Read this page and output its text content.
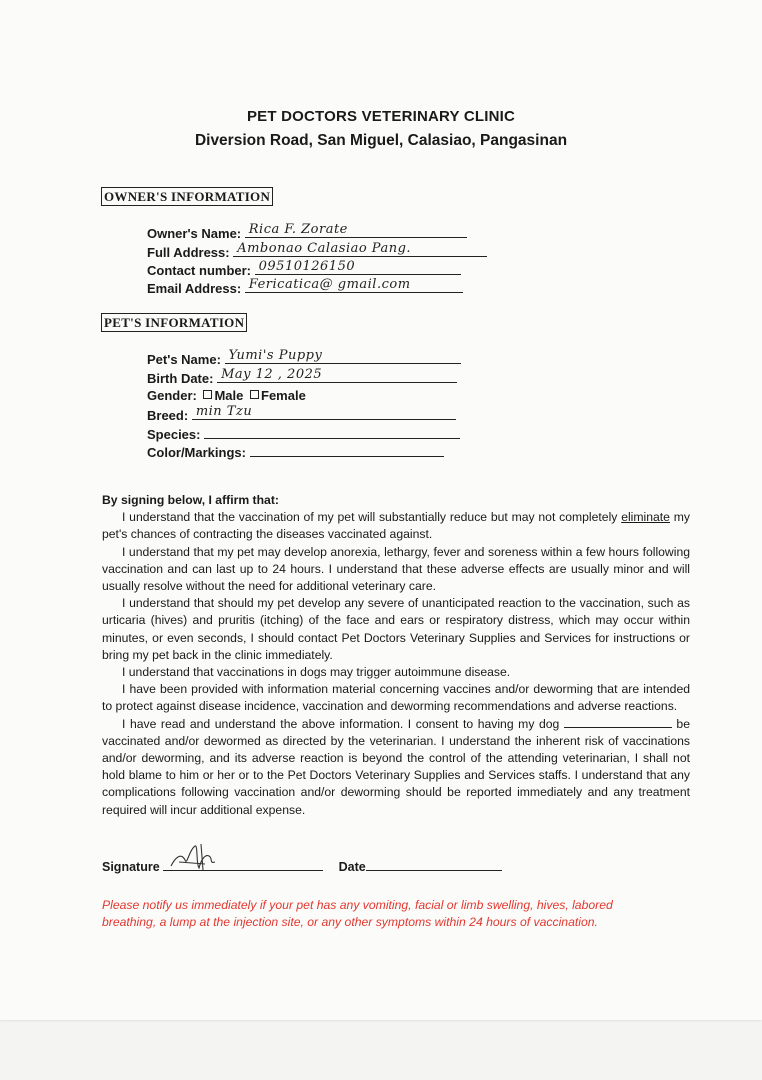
PET DOCTORS VETERINARY CLINIC
Diversion Road, San Miguel, Calasiao, Pangasinan
OWNER'S INFORMATION
Owner's Name: Rica F. Zorate
Full Address: Ambonao Calasiao Pang.
Contact number: 09510126150
Email Address: Fericatica@ gmail.com
PET'S INFORMATION
Pet's Name: Yumi's Puppy
Birth Date: May 12 , 2025
Gender: Male Female
Breed: min Tzu
Species:
Color/Markings:

By signing below, I affirm that:

I understand that the vaccination of my pet will substantially reduce but may not completely eliminate my pet's chances of contracting the diseases vaccinated against.

I understand that my pet may develop anorexia, lethargy, fever and soreness within a few hours following vaccination and can last up to 24 hours. I understand that these adverse effects are usually minor and will usually resolve without the need for additional veterinary care.

I understand that should my pet develop any severe of unanticipated reaction to the vaccination, such as urticaria (hives) and pruritis (itching) of the face and ears or respiratory distress, which may occur within minutes, or even seconds, I should contact Pet Doctors Veterinary Supplies and Services for instructions or bring my pet back in the clinic immediately.

I understand that vaccinations in dogs may trigger autoimmune disease.

I have been provided with information material concerning vaccines and/or deworming that are intended to protect against disease incidence, vaccination and deworming recommendations and adverse reactions.

I have read and understand the above information. I consent to having my dog	be vaccinated and/or dewormed as directed by the veterinarian. I understand the inherent risk of vaccinations and/or deworming, and its adverse reaction is beyond the control of the attending veterinarian, I shall not hold blame to him or her or to the Pet Doctors Veterinary Supplies and Services staffs. I understand that any complications following vaccination and/or deworming should be reported immediately and any treatment required will incur additional expense.

Signature	Date
Please notify us immediately if your pet has any vomiting, facial or limb swelling, hives, labored breathing, a lump at the injection site, or any other symptoms within 24 hours of vaccination.
